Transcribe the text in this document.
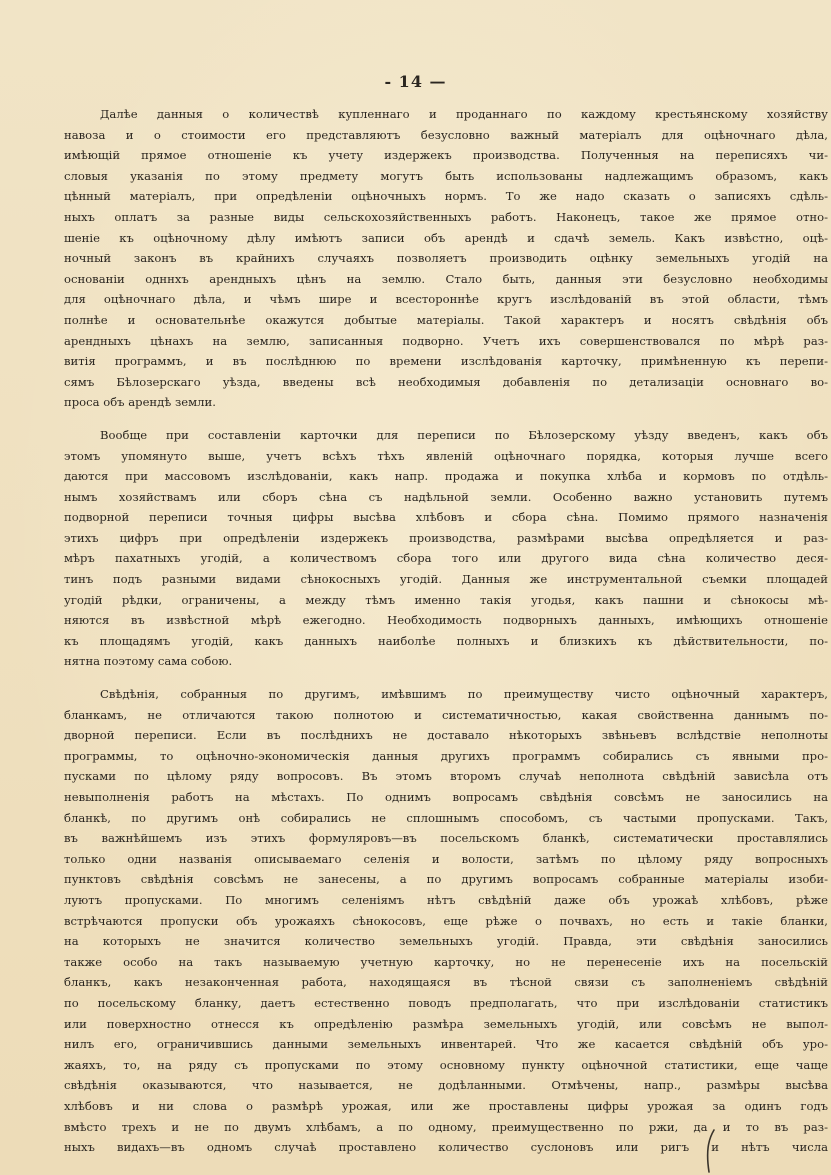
- 14 —
Далѣе данныя о количествѣ купленнаго и проданнаго по каждому крестьянскому хозяйству
навоза и о стоимости его представляютъ безусловно важный матеріалъ для оцѣночнаго дѣла,
имѣющій прямое отношеніе къ учету издержекъ производства. Полученныя на переписяхъ чи-
словыя указанія по этому предмету могутъ быть использованы надлежащимъ образомъ, какъ
цѣнный матеріалъ, при опредѣленіи оцѣночныхъ нормъ. То же надо сказать о записяхъ сдѣль-
ныхъ оплатъ за разные виды сельскохозяйственныхъ работъ. Наконецъ, такое же прямое отно-
шеніе къ оцѣночному дѣлу имѣютъ записи объ арендѣ и сдачѣ земель. Какъ извѣстно, оцѣ-
ночный законъ въ крайнихъ случаяхъ позволяетъ производить оцѣнку земельныхъ угодій на
основаніи одннхъ арендныхъ цѣнъ на землю. Стало быть, данныя эти безусловно необходимы
для оцѣночнаго дѣла, и чѣмъ шире и всестороннѣе кругъ изслѣдованій въ этой области, тѣмъ
полнѣе и основательнѣе окажутся добытые матеріалы. Такой характеръ и носятъ свѣдѣнія объ
арендныхъ цѣнахъ на землю, записанныя подворно. Учетъ ихъ совершенствовался по мѣрѣ раз-
витія программъ, и въ послѣднюю по времени изслѣдованія карточку, примѣненную къ перепи-
сямъ Бѣлозерскаго уѣзда, введены всѣ необходимыя добавленія по детализаціи основнаго во-
проса объ арендѣ земли.
Вообще при составленіи карточки для переписи по Бѣлозерскому уѣзду введенъ, какъ объ
этомъ упомянуто выше, учетъ всѣхъ тѣхъ явленій оцѣночнаго порядка, которыя лучше всего
даются при массовомъ изслѣдованіи, какъ напр. продажа и покупка хлѣба и кормовъ по отдѣль-
нымъ хозяйствамъ или сборъ сѣна съ надѣльной земли. Особенно важно установить путемъ
подворной переписи точныя цифры высѣва хлѣбовъ и сбора сѣна. Помимо прямого назначенія
этихъ цифръ при опредѣленіи издержекъ производства, размѣрами высѣва опредѣляется и раз-
мѣръ пахатныхъ угодій, а количествомъ сбора того или другого вида сѣна количество деся-
тинъ подъ разными видами сѣнокосныхъ угодій. Данныя же инструментальной съемки площадей
угодій рѣдки, ограничены, а между тѣмъ именно такія угодья, какъ пашни и сѣнокосы мѣ-
няются въ извѣстной мѣрѣ ежегодно. Необходимость подворныхъ данныхъ, имѣющихъ отношеніе
къ площадямъ угодій, какъ данныхъ наиболѣе полныхъ и близкихъ къ дѣйствительности, по-
нятна поэтому сама собою.
Свѣдѣнія, собранныя по другимъ, имѣвшимъ по преимуществу чисто оцѣночный характеръ,
бланкамъ, не отличаются такою полнотою и систематичностью, какая свойственна даннымъ по-
дворной переписи. Если въ послѣднихъ не доставало нѣкоторыхъ звѣньевъ вслѣдствіе неполноты
программы, то оцѣночно-экономическія данныя другихъ программъ собирались съ явными про-
пусками по цѣлому ряду вопросовъ. Въ этомъ второмъ случаѣ неполнота свѣдѣній зависѣла отъ
невыполненія работъ на мѣстахъ. По однимъ вопросамъ свѣдѣнія совсѣмъ не заносились на
бланкѣ, по другимъ онѣ собирались не сплошнымъ способомъ, съ частыми пропусками. Такъ,
въ важнѣйшемъ изъ этихъ формуляровъ—въ посельскомъ бланкѣ, систематически проставлялись
только одни названія описываемаго селенія и волости, затѣмъ по цѣлому ряду вопросныхъ
пунктовъ свѣдѣнія совсѣмъ не занесены, а по другимъ вопросамъ собранные матеріалы изоби-
луютъ пропусками. По многимъ селеніямъ нѣтъ свѣдѣній даже объ урожаѣ хлѣбовъ, рѣже
встрѣчаются пропуски объ урожаяхъ сѣнокосовъ, еще рѣже о почвахъ, но есть и такіе бланки,
на которыхъ не значится количество земельныхъ угодій. Правда, эти свѣдѣнія заносились
также особо на такъ называемую учетную карточку, но не перенесеніе ихъ на посельскій
бланкъ, какъ незаконченная работа, находящаяся въ тѣсной связи съ заполненіемъ свѣдѣній
по посельскому бланку, даетъ естественно поводъ предполагать, что при изслѣдованіи статистикъ
или поверхностно отнесся къ опредѣленію размѣра земельныхъ угодій, или совсѣмъ не выпол-
нилъ его, ограничившись данными земельныхъ инвентарей. Что же касается свѣдѣній объ уро-
жаяхъ, то, на ряду съ пропусками по этому основному пункту оцѣночной статистики, еще чаще
свѣдѣнія оказываются, что называется, не додѣланными. Отмѣчены, напр., размѣры высѣва
хлѣбовъ и ни слова о размѣрѣ урожая, или же проставлены цифры урожая за одинъ годъ
вмѣсто трехъ и не по двумъ хлѣбамъ, а по одному, преимущественно по ржи, да и то въ раз-
ныхъ видахъ—въ одномъ случаѣ проставлено количество суслоновъ или ригъ и нѣтъ числа
